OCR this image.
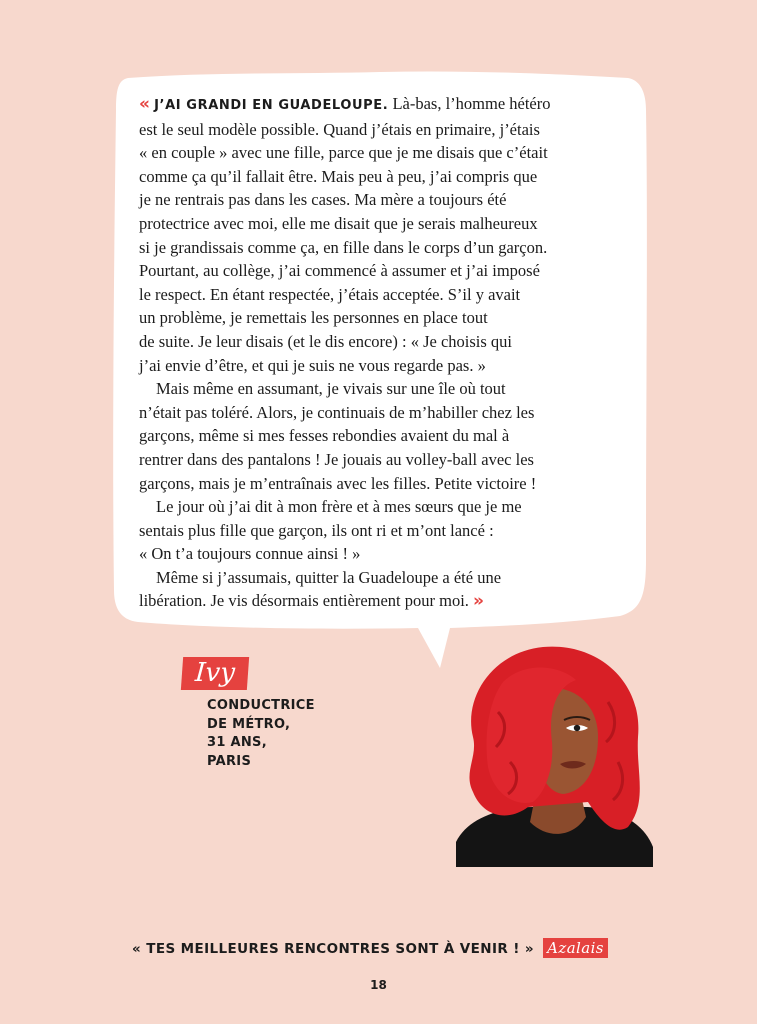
« J’AI GRANDI EN GUADELOUPE. Là-bas, l’homme hétéro
est le seul modèle possible. Quand j’étais en primaire, j’étais
« en couple » avec une fille, parce que je me disais que c’était
comme ça qu’il fallait être. Mais peu à peu, j’ai compris que
je ne rentrais pas dans les cases. Ma mère a toujours été
protectrice avec moi, elle me disait que je serais malheureux
si je grandissais comme ça, en fille dans le corps d’un garçon.
Pourtant, au collège, j’ai commencé à assumer et j’ai imposé
le respect. En étant respectée, j’étais acceptée. S’il y avait
un problème, je remettais les personnes en place tout
de suite. Je leur disais (et le dis encore) : « Je choisis qui
j’ai envie d’être, et qui je suis ne vous regarde pas. »

Mais même en assumant, je vivais sur une île où tout
n’était pas toléré. Alors, je continuais de m’habiller chez les
garçons, même si mes fesses rebondies avaient du mal à
rentrer dans des pantalons ! Je jouais au volley-ball avec les
garçons, mais je m’entraînais avec les filles. Petite victoire !

Le jour où j’ai dit à mon frère et à mes sœurs que je me
sentais plus fille que garçon, ils ont ri et m’ont lancé :
« On t’a toujours connue ainsi ! »

Même si j’assumais, quitter la Guadeloupe a été une
libération. Je vis désormais entièrement pour moi. »

Ivy
CONDUCTRICE
DE MÉTRO,
31 ANS,
PARIS
« TES MEILLEURES RENCONTRES SONT À VENIR ! » Azalais
18
